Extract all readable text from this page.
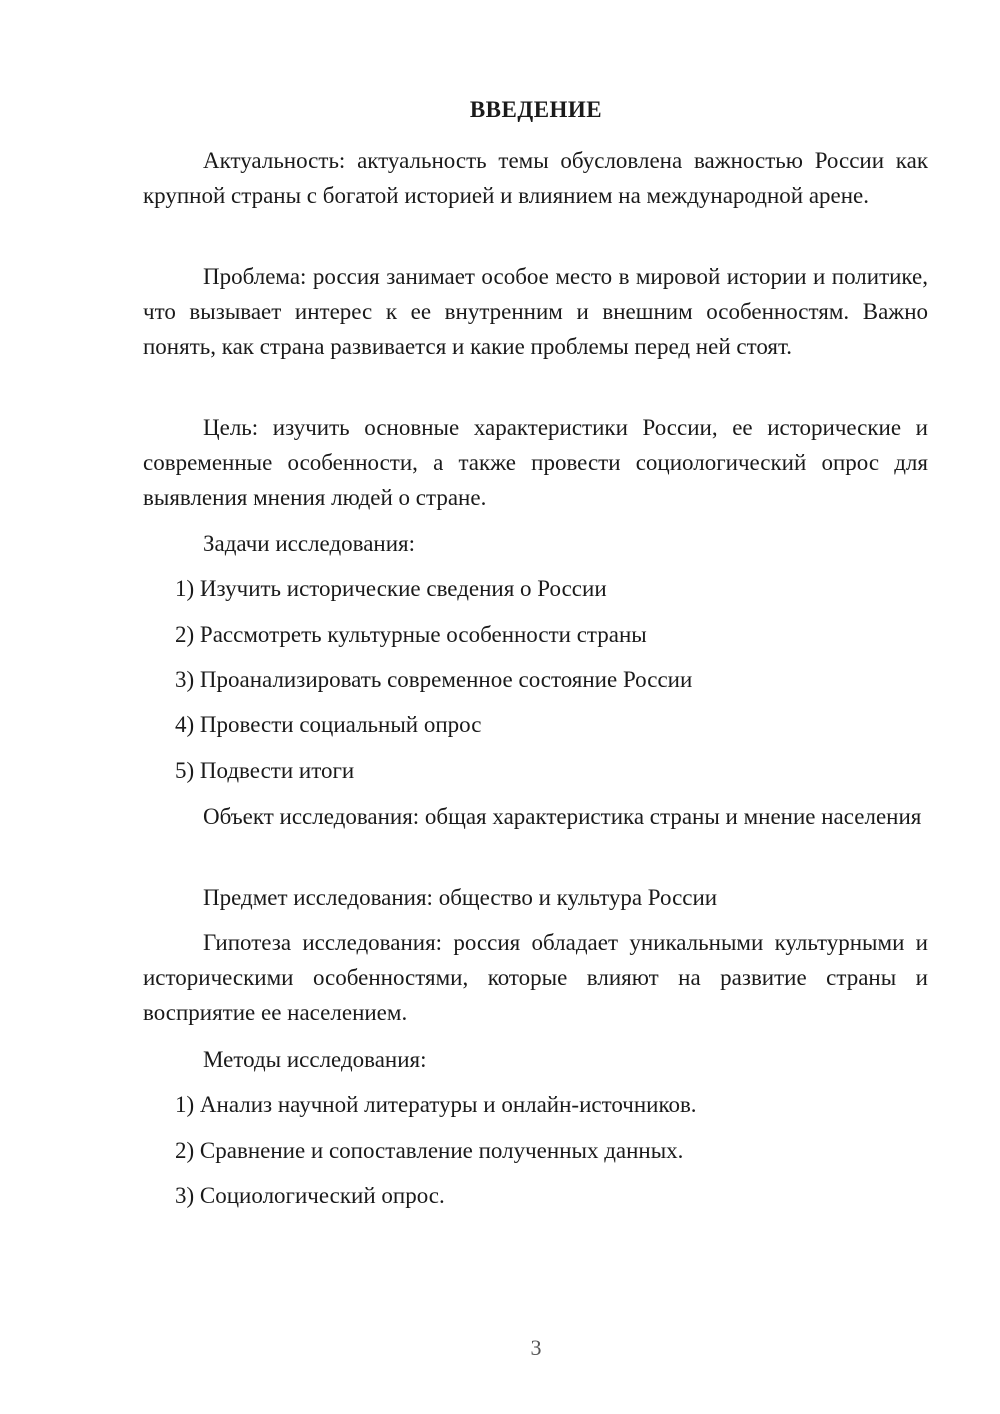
ВВЕДЕНИЕ

Актуальность: актуальность темы обусловлена важностью России как крупной страны с богатой историей и влиянием на международной арене.

Проблема: россия занимает особое место в мировой истории и политике, что вызывает интерес к ее внутренним и внешним особенностям. Важно понять, как страна развивается и какие проблемы перед ней стоят.

Цель: изучить основные характеристики России, ее исторические и современные особенности, а также провести социологический опрос для выявления мнения людей о стране.

Задачи исследования:

1) Изучить исторические сведения о России

2) Рассмотреть культурные особенности страны

3) Проанализировать современное состояние России

4) Провести социальный опрос

5) Подвести итоги

Объект исследования: общая характеристика страны и мнение населения

Предмет исследования: общество и культура России

Гипотеза исследования: россия обладает уникальными культурными и историческими особенностями, которые влияют на развитие страны и восприятие ее населением.

Методы исследования:

1) Анализ научной литературы и онлайн-источников.

2) Сравнение и сопоставление полученных данных.

3) Социологический опрос.

3
